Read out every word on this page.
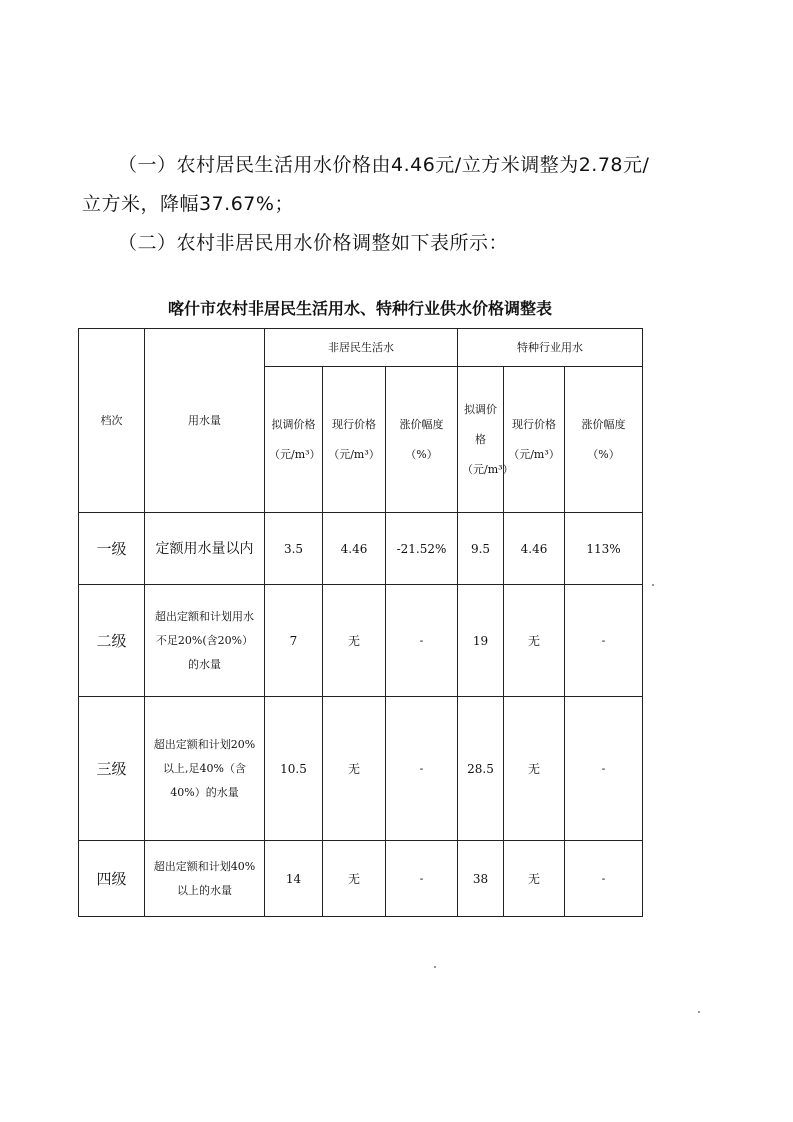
（一）农村居民生活用水价格由4.46元/立方米调整为2.78元/

立方米，降幅37.67%；

（二）农村非居民用水价格调整如下表所示：

喀什市农村非居民生活用水、特种行业供水价格调整表

档次	用水量	非居民生活水			特种行业用水		
		拟调价格（元/m³）	现行价格（元/m³）	涨价幅度（%）	拟调价格（元/m³）	现行价格（元/m³）	涨价幅度（%）
一级	定额用水量以内	3.5	4.46	-21.52%	9.5	4.46	113%
二级	超出定额和计划用水不足20%(含20%）的水量	7	无	-	19	无	-
三级	超出定额和计划20%以上,足40%（含40%）的水量	10.5	无	-	28.5	无	-
四级	超出定额和计划40%以上的水量	14	无	-	38	无	-
